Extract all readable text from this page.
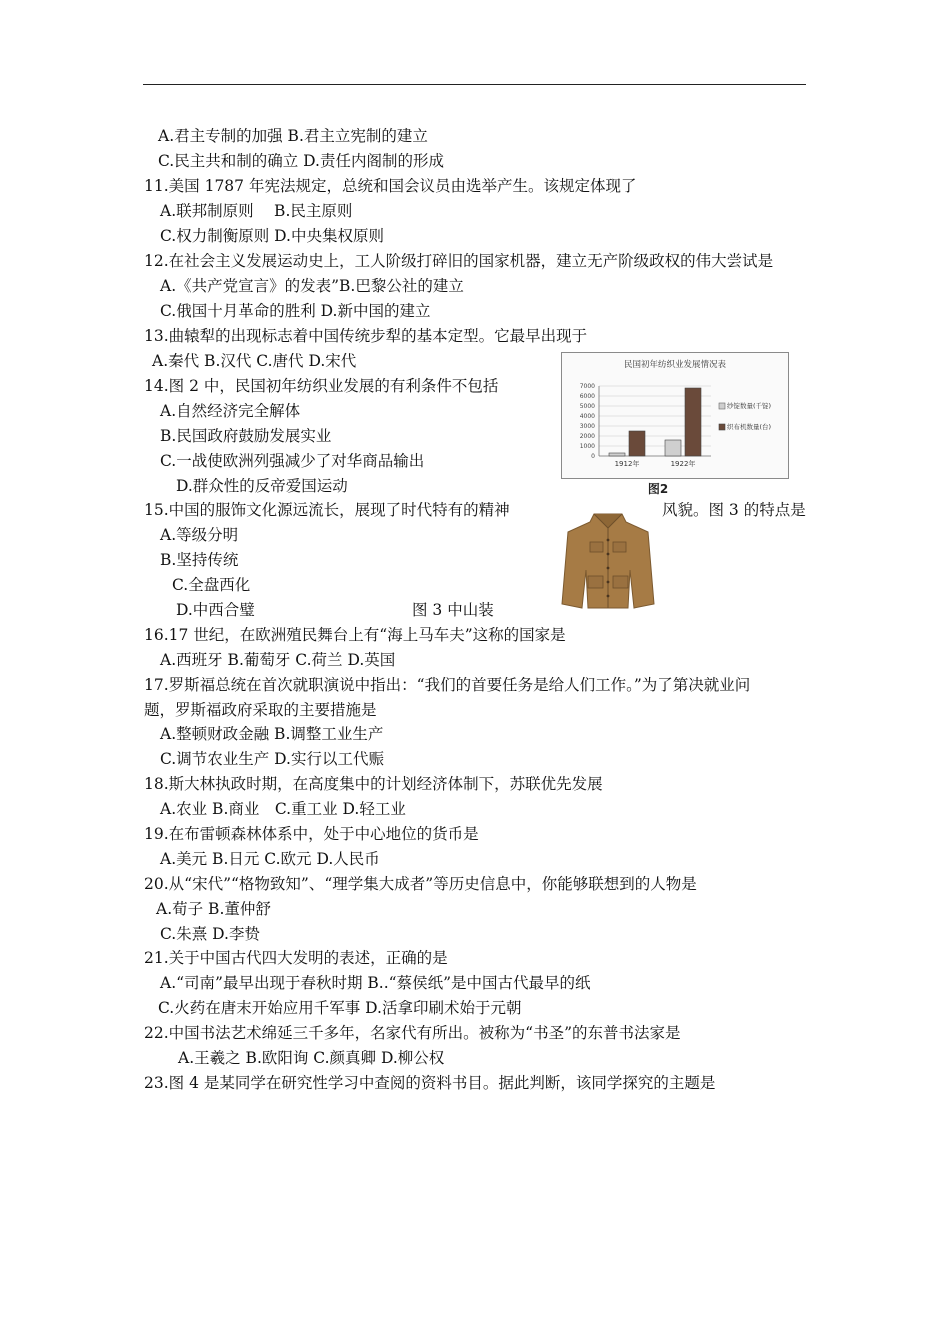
A.君主专制的加强 B.君主立宪制的建立
C.民主共和制的确立 D.责任内阁制的形成
11.美国 1787 年宪法规定，总统和国会议员由选举产生。该规定体现了
A.联邦制原则　 B.民主原则
C.权力制衡原则 D.中央集权原则
12.在社会主义发展运动史上，工人阶级打碎旧的国家机器，建立无产阶级政权的伟大尝试是
A.《共产党宣言》的发表”B.巴黎公社的建立
C.俄国十月革命的胜利 D.新中国的建立
13.曲辕犁的出现标志着中国传统步犁的基本定型。它最早出现于
A.秦代 B.汉代 C.唐代 D.宋代
14.图 2 中，民国初年纺织业发展的有利条件不包括
A.自然经济完全解体
B.民国政府鼓励发展实业
C.一战使欧洲列强减少了对华商品输出
D.群众性的反帝爱国运动
15.中国的服饰文化源远流长，展现了时代特有的精神	风貌。图 3 的特点是
A.等级分明
B.坚持传统
C.全盘西化
D.中西合璧	图 3 中山装
16.17 世纪，在欧洲殖民舞台上有“海上马车夫”这称的国家是
A.西班牙 B.葡萄牙 C.荷兰 D.英国
17.罗斯福总统在首次就职演说中指出：“我们的首要任务是给人们工作。”为了第决就业问
题，罗斯福政府采取的主要措施是
A.整顿财政金融 B.调整工业生产
C.调节农业生产 D.实行以工代赈
18.斯大林执政时期，在高度集中的计划经济体制下，苏联优先发展
A.农业 B.商业　C.重工业 D.轻工业
19.在布雷顿森林体系中，处于中心地位的货币是
A.美元 B.日元 C.欧元 D.人民币
20.从“宋代”“格物致知”、“理学集大成者”等历史信息中，你能够联想到的人物是
A.荀子 B.董仲舒
C.朱熹 D.李贽
21.关于中国古代四大发明的表述，正确的是
A.“司南”最早出现于春秋时期 B..“蔡侯纸”是中国古代最早的纸
C.火药在唐末开始应用千军事 D.活拿印刷术始于元朝
22.中国书法艺术绵延三千多年，名家代有所出。被称为“书圣”的东普书法家是
A.王羲之 B.欧阳询 C.颜真卿 D.柳公权
23.图 4 是某同学在研究性学习中查阅的资料书目。据此判断，该同学探究的主题是
民国初年纺织业发展情况表
7000
6000
5000
4000
3000
2000
1000
0
1912年	1922年
纱锭数量(千锭)
织布机数量(台)
图2
